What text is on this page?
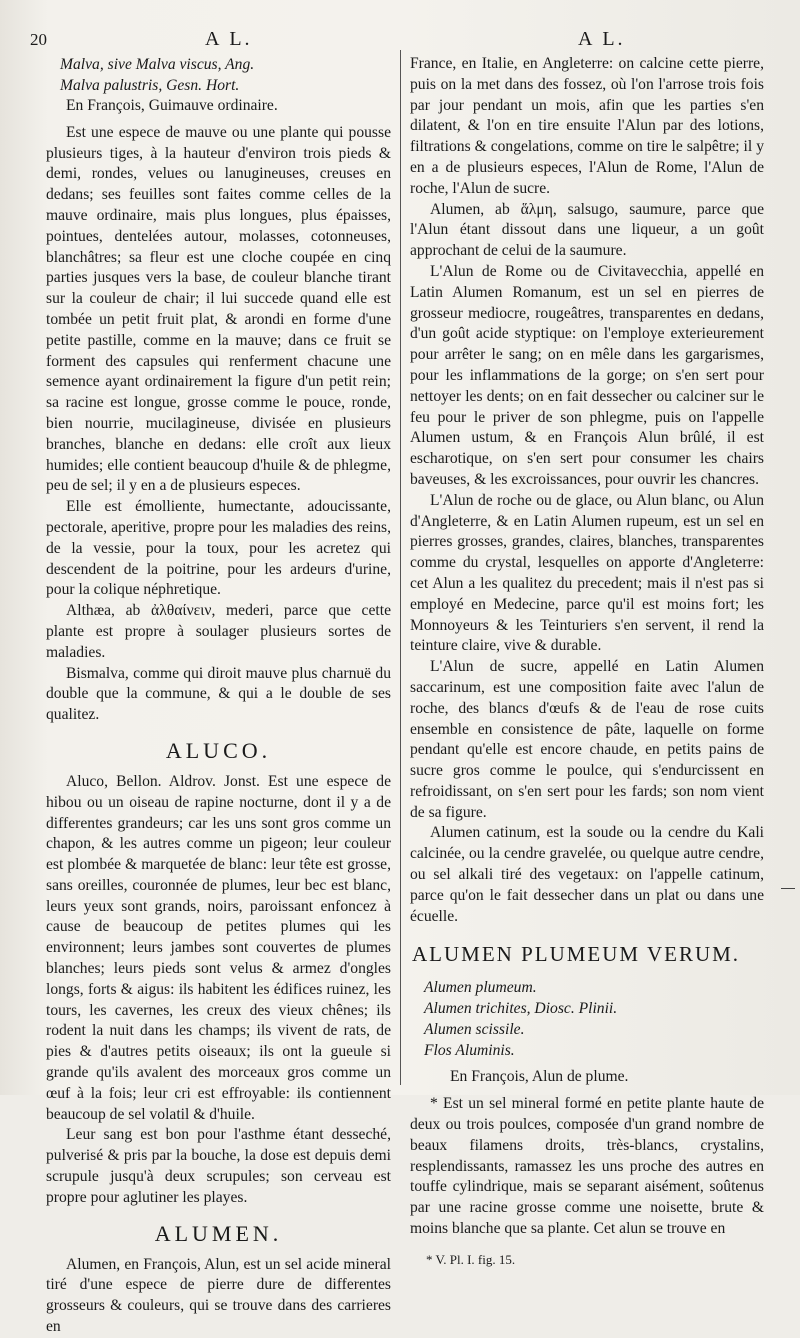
20	A L.	A L.

Malva, sive Malva viscus, Ang.

Malva palustris, Gesn. Hort.

En François, Guimauve ordinaire.

Est une espece de mauve ou une plante qui pousse plusieurs tiges, à la hauteur d'environ trois pieds & demi, rondes, velues ou lanugineuses, creuses en dedans; ses feuilles sont faites comme celles de la mauve ordinaire, mais plus longues, plus épaisses, pointues, dentelées autour, molasses, cotonneuses, blanchâtres; sa fleur est une cloche coupée en cinq parties jusques vers la base, de couleur blanche tirant sur la couleur de chair; il lui succede quand elle est tombée un petit fruit plat, & arondi en forme d'une petite pastille, comme en la mauve; dans ce fruit se forment des capsules qui renferment chacune une semence ayant ordinairement la figure d'un petit rein; sa racine est longue, grosse comme le pouce, ronde, bien nourrie, mucilagineuse, divisée en plusieurs branches, blanche en dedans: elle croît aux lieux humides; elle contient beaucoup d'huile & de phlegme, peu de sel; il y en a de plusieurs especes.

Elle est émolliente, humectante, adoucissante, pectorale, aperitive, propre pour les maladies des reins, de la vessie, pour la toux, pour les acretez qui descendent de la poitrine, pour les ardeurs d'urine, pour la colique néphretique.

Althæa, ab ἀλθαίνειν, mederi, parce que cette plante est propre à soulager plusieurs sortes de maladies.

Bismalva, comme qui diroit mauve plus charnuë du double que la commune, & qui a le double de ses qualitez.

ALUCO.

Aluco, Bellon. Aldrov. Jonst. Est une espece de hibou ou un oiseau de rapine nocturne, dont il y a de differentes grandeurs; car les uns sont gros comme un chapon, & les autres comme un pigeon; leur couleur est plombée & marquetée de blanc: leur tête est grosse, sans oreilles, couronnée de plumes, leur bec est blanc, leurs yeux sont grands, noirs, paroissant enfoncez à cause de beaucoup de petites plumes qui les environnent; leurs jambes sont couvertes de plumes blanches; leurs pieds sont velus & armez d'ongles longs, forts & aigus: ils habitent les édifices ruinez, les tours, les cavernes, les creux des vieux chênes; ils rodent la nuit dans les champs; ils vivent de rats, de pies & d'autres petits oiseaux; ils ont la gueule si grande qu'ils avalent des morceaux gros comme un œuf à la fois; leur cri est effroyable: ils contiennent beaucoup de sel volatil & d'huile.

Leur sang est bon pour l'asthme étant desseché, pulverisé & pris par la bouche, la dose est depuis demi scrupule jusqu'à deux scrupules; son cerveau est propre pour aglutiner les playes.

ALUMEN.

Alumen, en François, Alun, est un sel acide mineral tiré d'une espece de pierre dure de differentes grosseurs & couleurs, qui se trouve dans des carrieres en

France, en Italie, en Angleterre: on calcine cette pierre, puis on la met dans des fossez, où l'on l'arrose trois fois par jour pendant un mois, afin que les parties s'en dilatent, & l'on en tire ensuite l'Alun par des lotions, filtrations & congelations, comme on tire le salpêtre; il y en a de plusieurs especes, l'Alun de Rome, l'Alun de roche, l'Alun de sucre.

Alumen, ab ἅλμη, salsugo, saumure, parce que l'Alun étant dissout dans une liqueur, a un goût approchant de celui de la saumure.

L'Alun de Rome ou de Civitavecchia, appellé en Latin Alumen Romanum, est un sel en pierres de grosseur mediocre, rougeâtres, transparentes en dedans, d'un goût acide styptique: on l'employe exterieurement pour arrêter le sang; on en mêle dans les gargarismes, pour les inflammations de la gorge; on s'en sert pour nettoyer les dents; on en fait dessecher ou calciner sur le feu pour le priver de son phlegme, puis on l'appelle Alumen ustum, & en François Alun brûlé, il est escharotique, on s'en sert pour consumer les chairs baveuses, & les excroissances, pour ouvrir les chancres.

L'Alun de roche ou de glace, ou Alun blanc, ou Alun d'Angleterre, & en Latin Alumen rupeum, est un sel en pierres grosses, grandes, claires, blanches, transparentes comme du crystal, lesquelles on apporte d'Angleterre: cet Alun a les qualitez du precedent; mais il n'est pas si employé en Medecine, parce qu'il est moins fort; les Monnoyeurs & les Teinturiers s'en servent, il rend la teinture claire, vive & durable.

L'Alun de sucre, appellé en Latin Alumen saccarinum, est une composition faite avec l'alun de roche, des blancs d'œufs & de l'eau de rose cuits ensemble en consistence de pâte, laquelle on forme pendant qu'elle est encore chaude, en petits pains de sucre gros comme le poulce, qui s'endurcissent en refroidissant, on s'en sert pour les fards; son nom vient de sa figure.

Alumen catinum, est la soude ou la cendre du Kali calcinée, ou la cendre gravelée, ou quelque autre cendre, ou sel alkali tiré des vegetaux: on l'appelle catinum, parce qu'on le fait dessecher dans un plat ou dans une écuelle.

ALUMEN PLUMEUM VERUM.

Alumen plumeum.

Alumen trichites, Diosc. Plinii.

Alumen scissile.

Flos Aluminis.

En François, Alun de plume.

* Est un sel mineral formé en petite plante haute de deux ou trois poulces, composée d'un grand nombre de beaux filamens droits, très-blancs, crystalins, resplendissants, ramassez les uns proche des autres en touffe cylindrique, mais se separant aisément, soûtenus par une racine grosse comme une noisette, brute & moins blanche que sa plante. Cet alun se trouve en

* V. Pl. I. fig. 15.
